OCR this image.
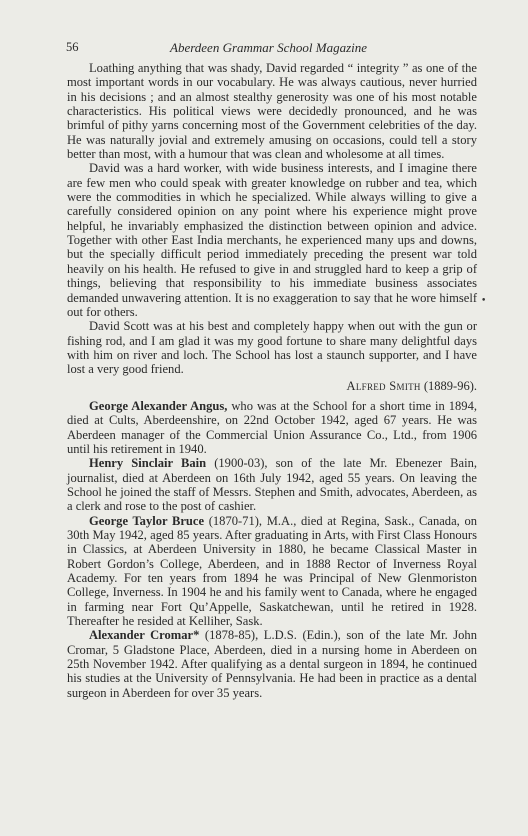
56	Aberdeen Grammar School Magazine

Loathing anything that was shady, David regarded “ integrity ” as one of the most important words in our vocabulary. He was always cautious, never hurried in his decisions ; and an almost stealthy generosity was one of his most notable characteristics. His political views were decidedly pronounced, and he was brimful of pithy yarns concerning most of the Government celebrities of the day. He was naturally jovial and extremely amusing on occasions, could tell a story better than most, with a humour that was clean and wholesome at all times.

David was a hard worker, with wide business interests, and I imagine there are few men who could speak with greater knowledge on rubber and tea, which were the commodities in which he specialized. While always willing to give a carefully considered opinion on any point where his experience might prove helpful, he invariably emphasized the distinction between opinion and advice. Together with other East India merchants, he experienced many ups and downs, but the specially difficult period immediately preceding the present war told heavily on his health. He refused to give in and struggled hard to keep a grip of things, believing that responsibility to his immediate business associates demanded unwavering attention. It is no exaggeration to say that he wore himself out for others.

David Scott was at his best and completely happy when out with the gun or fishing rod, and I am glad it was my good fortune to share many delightful days with him on river and loch. The School has lost a staunch supporter, and I have lost a very good friend.

Alfred Smith (1889-96).

George Alexander Angus, who was at the School for a short time in 1894, died at Cults, Aberdeenshire, on 22nd October 1942, aged 67 years. He was Aberdeen manager of the Commercial Union Assurance Co., Ltd., from 1906 until his retirement in 1940.

Henry Sinclair Bain (1900-03), son of the late Mr. Ebenezer Bain, journalist, died at Aberdeen on 16th July 1942, aged 55 years. On leaving the School he joined the staff of Messrs. Stephen and Smith, advocates, Aberdeen, as a clerk and rose to the post of cashier.

George Taylor Bruce (1870-71), M.A., died at Regina, Sask., Canada, on 30th May 1942, aged 85 years. After graduating in Arts, with First Class Honours in Classics, at Aberdeen University in 1880, he became Classical Master in Robert Gordon’s College, Aberdeen, and in 1888 Rector of Inverness Royal Academy. For ten years from 1894 he was Principal of New Glenmoriston College, Inverness. In 1904 he and his family went to Canada, where he engaged in farming near Fort Qu’Appelle, Saskatchewan, until he retired in 1928. Thereafter he resided at Kelliher, Sask.

Alexander Cromar* (1878-85), L.D.S. (Edin.), son of the late Mr. John Cromar, 5 Gladstone Place, Aberdeen, died in a nursing home in Aberdeen on 25th November 1942. After qualifying as a dental surgeon in 1894, he continued his studies at the University of Pennsylvania. He had been in practice as a dental surgeon in Aberdeen for over 35 years.

•
